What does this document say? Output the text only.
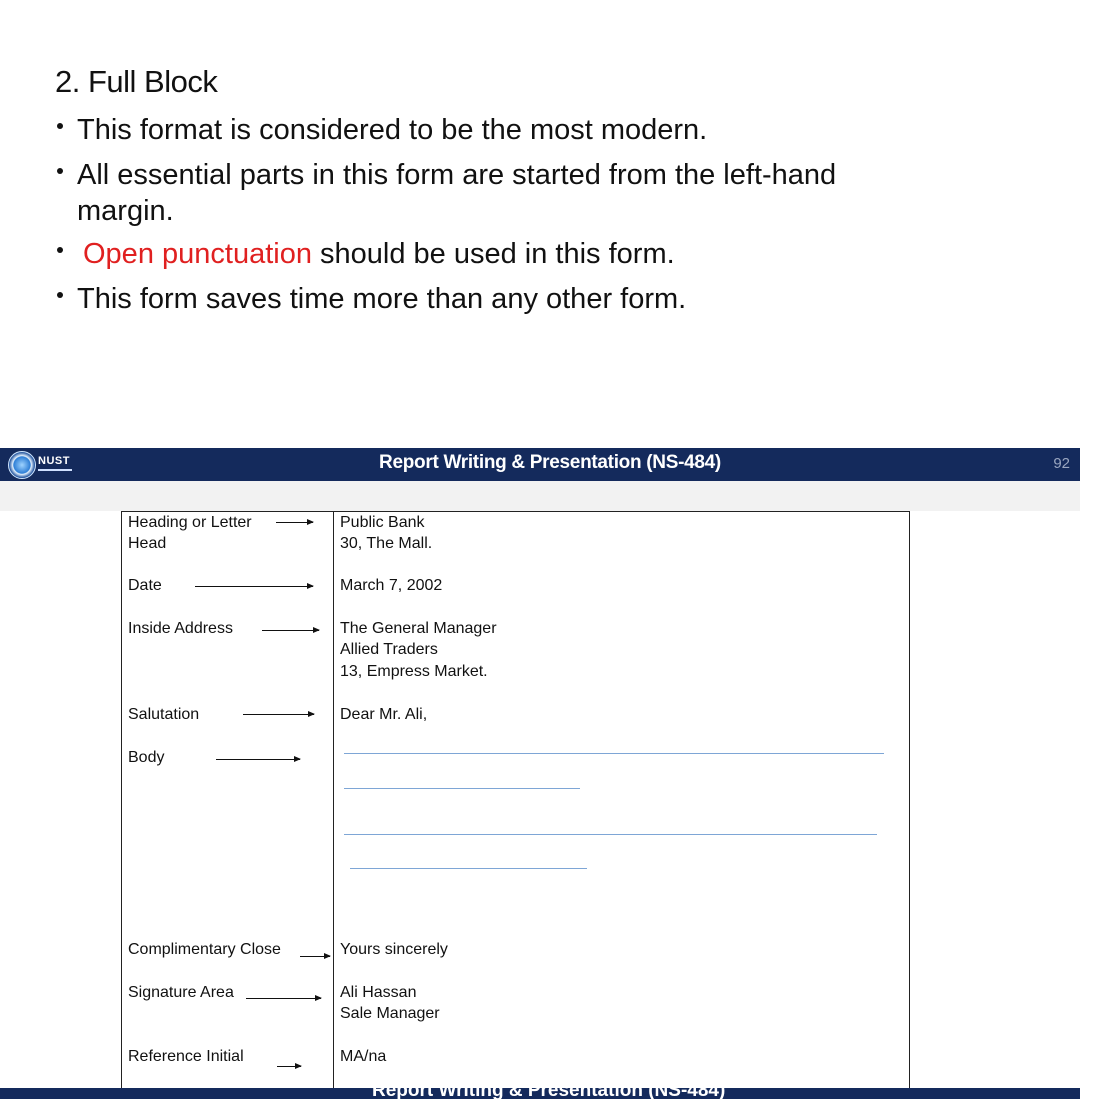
2. Full Block
This format is considered to be the most modern.
All essential parts in this form are started from the left-hand
margin.
Open punctuation should be used in this form.
This form saves time more than any other form.
NUST	Report Writing & Presentation (NS-484)	92
Heading or Letter
Head
Date
Inside Address
Salutation
Body
Complimentary Close
Signature Area
Reference Initial
Public Bank
30, The Mall.
March 7, 2002
The General Manager
Allied Traders
13, Empress Market.
Dear Mr. Ali,
Yours sincerely
Ali Hassan
Sale Manager
MA/na
Report Writing & Presentation (NS-484)
